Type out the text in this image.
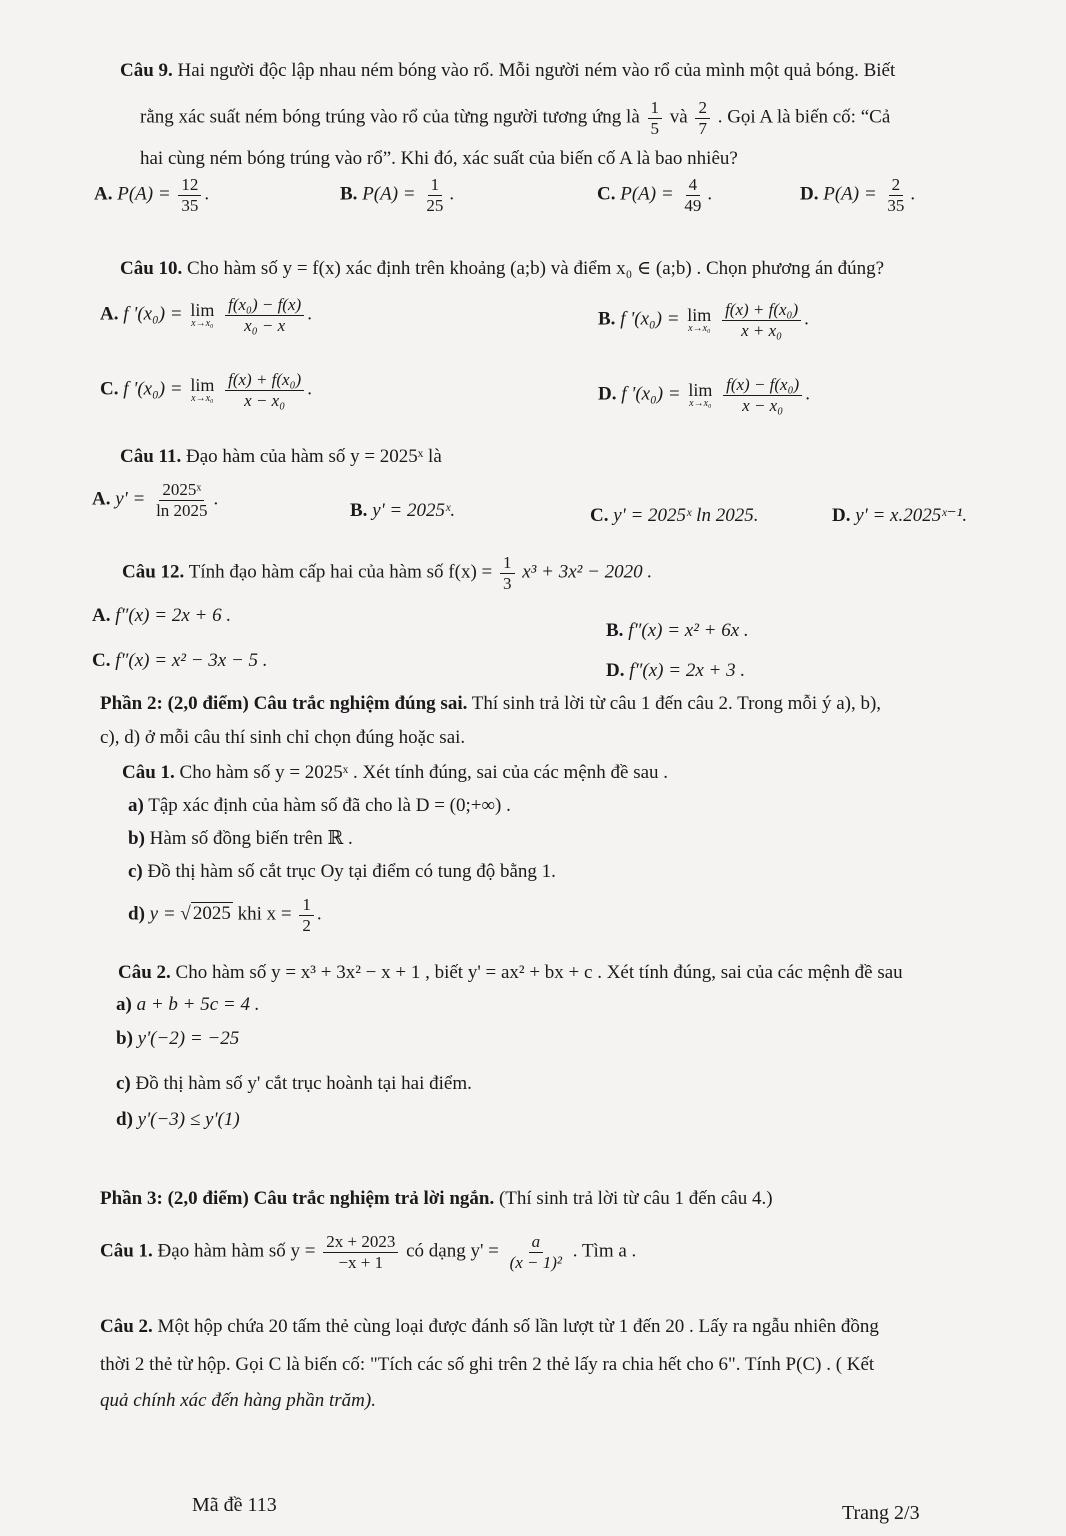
Câu 9. Hai người độc lập nhau ném bóng vào rổ. Mỗi người ném vào rổ của mình một quả bóng. Biết
rằng xác suất ném bóng trúng vào rổ của từng người tương ứng là $\frac{1}{5}$ và $\frac{2}{7}$ . Gọi A là biến cố: “Cả
hai cùng ném bóng trúng vào rổ”. Khi đó, xác suất của biến cố A là bao nhiêu?
A. $P(A) = \frac{12}{35}$ .	B. $P(A) = \frac{1}{25}$ .	C. $P(A) = \frac{4}{49}$ .	D. $P(A) = \frac{2}{35}$ .
Câu 10. Cho hàm số y = f(x) xác định trên khoảng (a;b) và điểm x₀ ∈ (a;b) . Chọn phương án đúng?
A. f '(x₀) = lim
x→x₀
$\frac{\text{f(x₀) − f(x)}}{\text{x₀ − x}}$ .	B. f '(x₀) = lim
x→x₀
$\frac{\text{f(x) + f(x₀)}}{\text{x + x₀}}$ .
C. f '(x₀) = lim
x→x₀
$\frac{\text{f(x) + f(x₀)}}{\text{x − x₀}}$ .	D. f '(x₀) = lim
x→x₀
$\frac{\text{f(x) − f(x₀)}}{\text{x − x₀}}$ .
Câu 11. Đạo hàm của hàm số y = 2025ˣ là
A. $y' = \frac{\text{2025ˣ}}{\ln 2025}$ .
B. y' = 2025ˣ.	C. y' = 2025ˣ ln 2025.	D. y' = x.2025ˣ⁻¹.
Câu 12. Tính đạo hàm cấp hai của hàm số $f(x) = \frac{1}{3} x^3 + 3x^2 - 2020$ .
A. f″(x) = 2x + 6 .
B. f″(x) = x² + 6x .
C. f″(x) = x² − 3x − 5 .	D. f″(x) = 2x + 3 .
Phần 2: (2,0 điểm) Câu trắc nghiệm đúng sai. Thí sinh trả lời từ câu 1 đến câu 2. Trong mỗi ý a), b),
c), d) ở mỗi câu thí sinh chỉ chọn đúng hoặc sai.
Câu 1. Cho hàm số y = 2025ˣ . Xét tính đúng, sai của các mệnh đề sau .
a) Tập xác định của hàm số đã cho là D = (0;+∞) .
b) Hàm số đồng biến trên ℝ .
c) Đồ thị hàm số cắt trục Oy tại điểm có tung độ bằng 1.
d) y = √ 2025 khi $x = \frac{1}{2}$ .
Câu 2. Cho hàm số y = x³ + 3x² − x + 1 , biết y' = ax² + bx + c . Xét tính đúng, sai của các mệnh đề sau
a) a + b + 5c = 4 .
b) y'(−2) = −25
c) Đồ thị hàm số y' cắt trục hoành tại hai điểm.
d) y'(−3) ≤ y'(1)
Phần 3: (2,0 điểm) Câu trắc nghiệm trả lời ngắn. (Thí sinh trả lời từ câu 1 đến câu 4.)
Câu 1. Đạo hàm hàm số $y = \frac{2x + 2023}{-x + 1}$ có dạng $y' = \frac{a}{\text{(x − 1)²}}$ . Tìm a .
Câu 2. Một hộp chứa 20 tấm thẻ cùng loại được đánh số lần lượt từ 1 đến 20 . Lấy ra ngẫu nhiên đồng
thời 2 thẻ từ hộp. Gọi C là biến cố: "Tích các số ghi trên 2 thẻ lấy ra chia hết cho 6". Tính P(C) . ( Kết
quả chính xác đến hàng phần trăm).
Mã đề 113	Trang 2/3
